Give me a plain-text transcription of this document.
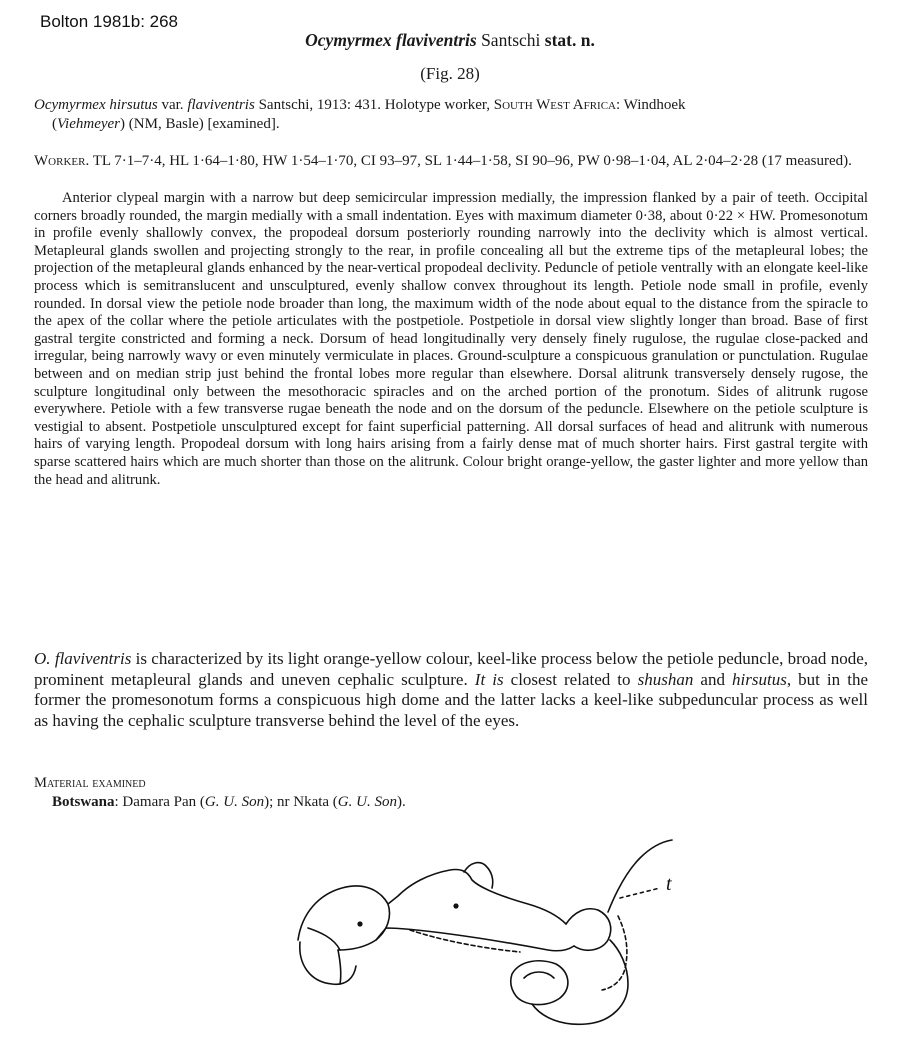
Bolton 1981b: 268
Ocymyrmex flaviventris Santschi stat. n.
(Fig. 28)
Ocymyrmex hirsutus var. flaviventris Santschi, 1913: 431. Holotype worker, South West Africa: Windhoek
(Viehmeyer) (NM, Basle) [examined].
Worker. TL 7·1–7·4, HL 1·64–1·80, HW 1·54–1·70, CI 93–97, SL 1·44–1·58, SI 90–96, PW 0·98–1·04, AL 2·04–2·28 (17 measured).

Anterior clypeal margin with a narrow but deep semicircular impression medially, the impression flanked by a pair of teeth. Occipital corners broadly rounded, the margin medially with a small indentation. Eyes with maximum diameter 0·38, about 0·22 × HW. Promesonotum in profile evenly shallowly convex, the propodeal dorsum posteriorly rounding narrowly into the declivity which is almost vertical. Metapleural glands swollen and projecting strongly to the rear, in profile concealing all but the extreme tips of the metapleural lobes; the projection of the metapleural glands enhanced by the near-vertical propodeal declivity. Peduncle of petiole ventrally with an elongate keel-like process which is semitranslucent and unsculptured, evenly shallow convex throughout its length. Petiole node small in profile, evenly rounded. In dorsal view the petiole node broader than long, the maximum width of the node about equal to the distance from the spiracle to the apex of the collar where the petiole articulates with the postpetiole. Postpetiole in dorsal view slightly longer than broad. Base of first gastral tergite constricted and forming a neck. Dorsum of head longitudinally very densely finely rugulose, the rugulae close-packed and irregular, being narrowly wavy or even minutely vermiculate in places. Ground-sculpture a conspicuous granulation or punctulation. Rugulae between and on median strip just behind the frontal lobes more regular than elsewhere. Dorsal alitrunk transversely densely rugose, the sculpture longitudinal only between the mesothoracic spiracles and on the arched portion of the pronotum. Sides of alitrunk rugose everywhere. Petiole with a few transverse rugae beneath the node and on the dorsum of the peduncle. Elsewhere on the petiole sculpture is vestigial to absent. Postpetiole unsculptured except for faint superficial patterning. All dorsal surfaces of head and alitrunk with numerous hairs of varying length. Propodeal dorsum with long hairs arising from a fairly dense mat of much shorter hairs. First gastral tergite with sparse scattered hairs which are much shorter than those on the alitrunk. Colour bright orange-yellow, the gaster lighter and more yellow than the head and alitrunk.

O. flaviventris is characterized by its light orange-yellow colour, keel-like process below the petiole peduncle, broad node, prominent metapleural glands and uneven cephalic sculpture. It is closest related to shushan and hirsutus, but in the former the promesonotum forms a conspicuous high dome and the latter lacks a keel-like subpeduncular process as well as having the cephalic sculpture transverse behind the level of the eyes.

Material examined
Botswana: Damara Pan (G. U. Son); nr Nkata (G. U. Son).
t
